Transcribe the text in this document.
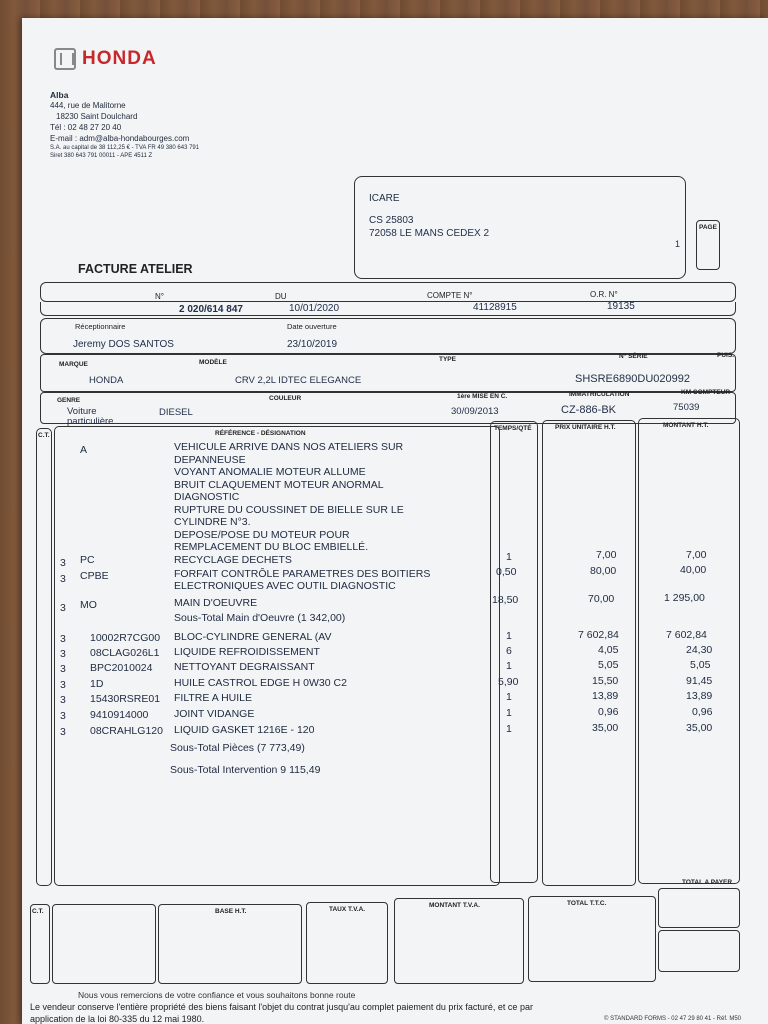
HONDA
Alba
444, rue de Malitorne
18230 Saint Doulchard
Tél : 02 48 27 20 40
E-mail : adm@alba-hondabourges.com
S.A. au capital de 38 112,25 € - TVA FR 49 380 643 791
Siret 380 643 791 00011 - APE 4511 Z
ICARE
CS 25803
72058 LE MANS CEDEX 2
1
PAGE
FACTURE ATELIER
N°	DU	COMPTE N°	O.R. N°
2 020/614 847	10/01/2020	41128915	19135
Réceptionnaire	Date ouverture
Jeremy DOS SANTOS	23/10/2019
MARQUE	MODÈLE	TYPE	N° SÉRIE	PUIS.
HONDA	CRV 2,2L IDTEC ELEGANCE	SHSRE6890DU020992
GENRE	COULEUR	1ère MISE EN C.	IMMATRICULATION	KM COMPTEUR
Voiture particulière
DIESEL	30/09/2013	CZ-886-BK	75039
C.T.	RÉFÉRENCE - DÉSIGNATION
TEMPS/QTÉ	PRIX UNITAIRE H.T.	MONTANT H.T.
A	VEHICULE ARRIVE DANS NOS ATELIERS SUR
DEPANNEUSE
VOYANT ANOMALIE MOTEUR ALLUME
BRUIT CLAQUEMENT MOTEUR ANORMAL
DIAGNOSTIC
RUPTURE DU COUSSINET DE BIELLE SUR LE
CYLINDRE N°3.
DEPOSE/POSE DU MOTEUR POUR
REMPLACEMENT DU BLOC EMBIELLÉ.
3 PC	RECYCLAGE DECHETS	1	7,00	7,00
3 CPBE	FORFAIT CONTRÔLE PARAMETRES DES BOITIERS
ELECTRONIQUES AVEC OUTIL DIAGNOSTIC
0,50	80,00	40,00
3 MO	MAIN D'OEUVRE	18,50	70,00	1 295,00
Sous-Total Main d'Oeuvre (1 342,00)
3 10002R7CG00 BLOC-CYLINDRE GENERAL (AV	1	7 602,84	7 602,84
3 08CLAG026L1 LIQUIDE REFROIDISSEMENT	6	4,05	24,30
3 BPC2010024 NETTOYANT DEGRAISSANT	1	5,05	5,05
3 1D	HUILE CASTROL EDGE H 0W30 C2	5,90	15,50	91,45
3 15430RSRE01 FILTRE A HUILE	1	13,89	13,89
3 9410914000 JOINT VIDANGE	1	0,96	0,96
3 08CRAHLG120 LIQUID GASKET 1216E - 120	1	35,00	35,00
Sous-Total Pièces (7 773,49)
Sous-Total Intervention 9 115,49
TOTAL A PAYER
C.T.	BASE H.T.	TAUX T.V.A.
MONTANT T.V.A.	TOTAL T.T.C.
Nous vous remercions de votre confiance et vous souhaitons bonne route
Le vendeur conserve l'entière propriété des biens faisant l'objet du contrat jusqu'au complet paiement du prix facturé, et ce par
application de la loi 80-335 du 12 mai 1980.	© STANDARD FORMS - 02 47 29 80 41 - Réf. M50
